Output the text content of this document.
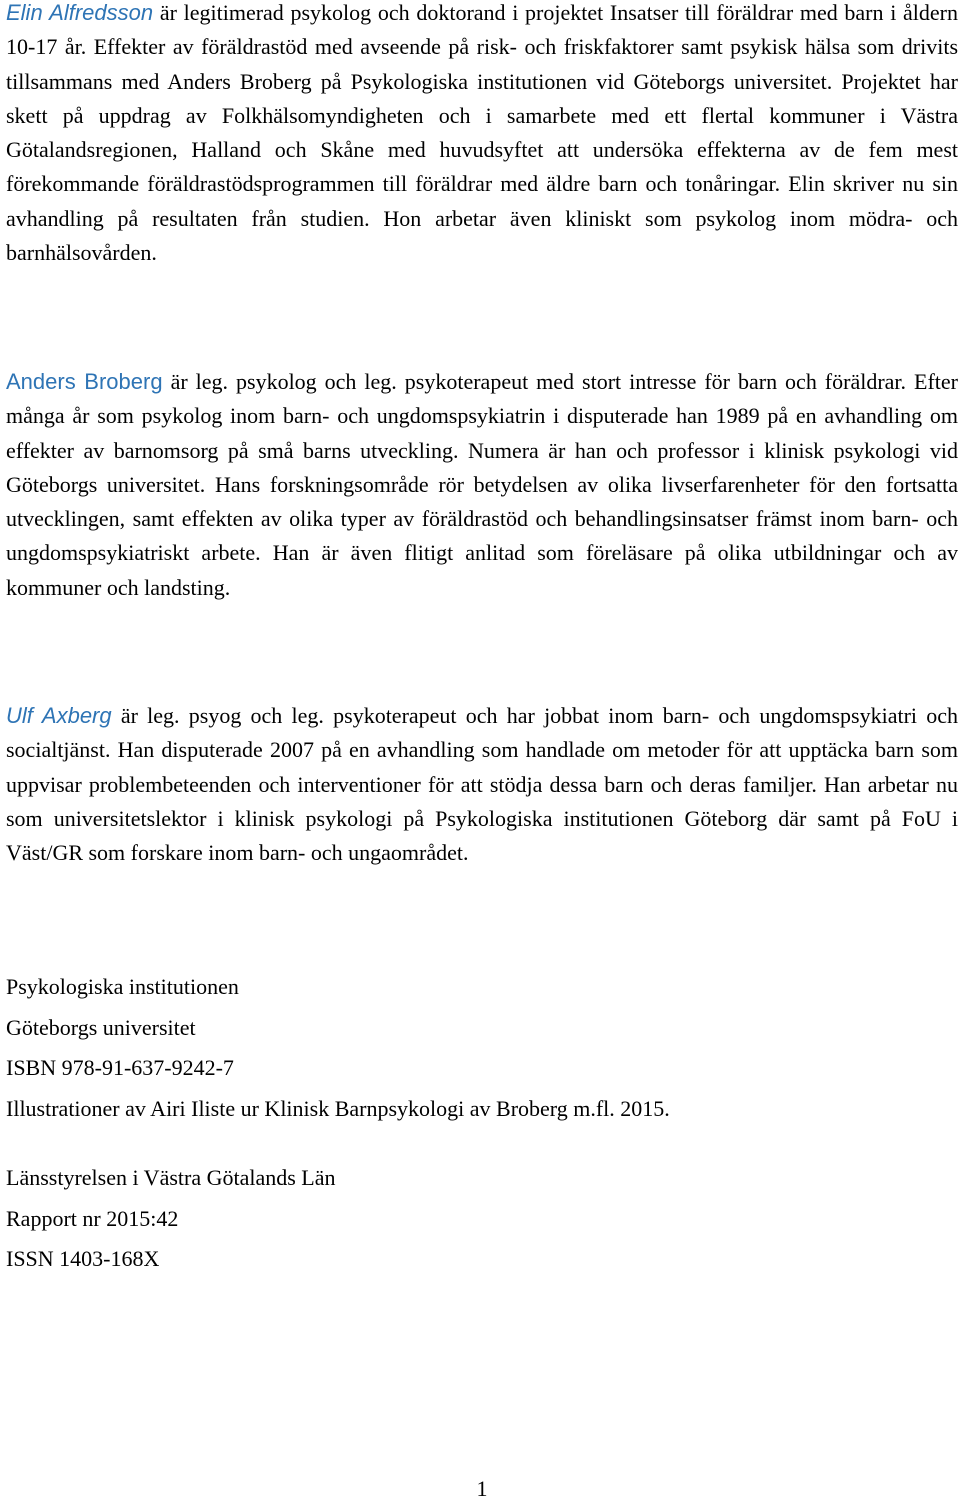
Elin Alfredsson är legitimerad psykolog och doktorand i projektet Insatser till föräldrar med barn i åldern 10-17 år. Effekter av föräldrastöd med avseende på risk- och friskfaktorer samt psykisk hälsa som drivits tillsammans med Anders Broberg på Psykologiska institutionen vid Göteborgs universitet. Projektet har skett på uppdrag av Folkhälsomyndigheten och i samarbete med ett flertal kommuner i Västra Götalandsregionen, Halland och Skåne med huvudsyftet att undersöka effekterna av de fem mest förekommande föräldrastödsprogrammen till föräldrar med äldre barn och tonåringar. Elin skriver nu sin avhandling på resultaten från studien. Hon arbetar även kliniskt som psykolog inom mödra- och barnhälsovården.

Anders Broberg är leg. psykolog och leg. psykoterapeut med stort intresse för barn och föräldrar. Efter många år som psykolog inom barn- och ungdomspsykiatrin i disputerade han 1989 på en avhandling om effekter av barnomsorg på små barns utveckling. Numera är han och professor i klinisk psykologi vid Göteborgs universitet. Hans forskningsområde rör betydelsen av olika livserfarenheter för den fortsatta utvecklingen, samt effekten av olika typer av föräldrastöd och behandlingsinsatser främst inom barn- och ungdomspsykiatriskt arbete. Han är även flitigt anlitad som föreläsare på olika utbildningar och av kommuner och landsting.

Ulf Axberg är leg. psyog och leg. psykoterapeut och har jobbat inom barn- och ungdomspsykiatri och socialtjänst. Han disputerade 2007 på en avhandling som handlade om metoder för att upptäcka barn som uppvisar problembeteenden och interventioner för att stödja dessa barn och deras familjer. Han arbetar nu som universitetslektor i klinisk psykologi på Psykologiska institutionen Göteborg där samt på FoU i Väst/GR som forskare inom barn- och ungaområdet.

Psykologiska institutionen
Göteborgs universitet
ISBN 978-91-637-9242-7
Illustrationer av Airi Iliste ur Klinisk Barnpsykologi av Broberg m.fl. 2015.
Länsstyrelsen i Västra Götalands Län
Rapport nr 2015:42
ISSN 1403-168X
1
